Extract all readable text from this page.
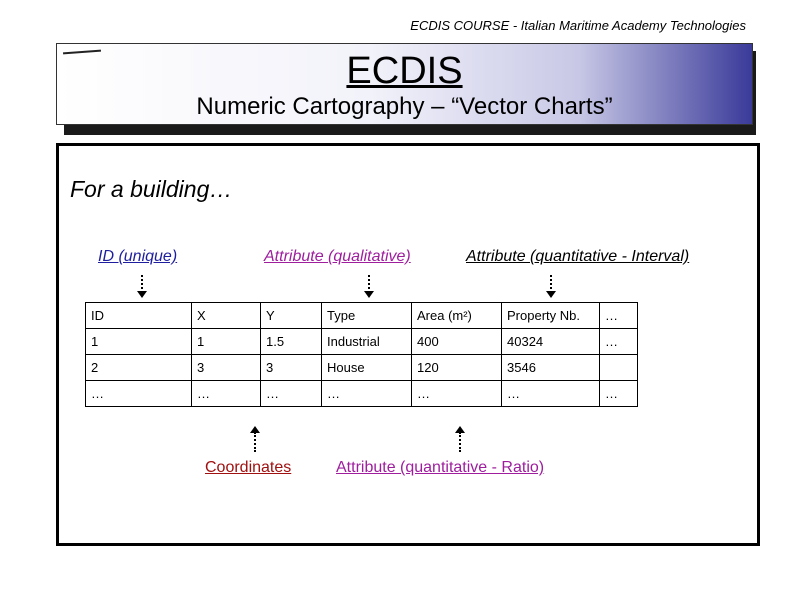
ECDIS COURSE - Italian Maritime Academy Technologies
ECDIS
Numeric Cartography – “Vector Charts”
For a building…
ID (unique)	Attribute (qualitative)	Attribute (quantitative - Interval)
ID	X	Y	Type	Area (m²)	Property Nb.	…
1	1	1.5	Industrial	400	40324	…
2	3	3	House	120	3546	
…	…	…	…	…	…	…
Coordinates	Attribute (quantitative - Ratio)
